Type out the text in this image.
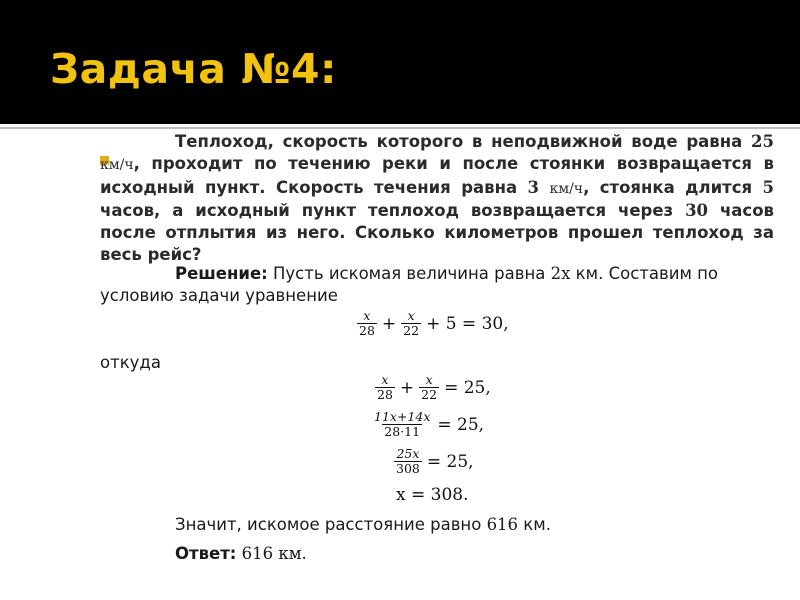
Задача №4:
Теплоход, скорость которого в неподвижной воде равна 25 км/ч, проходит по течению реки и после стоянки возвращается в исходный пункт. Скорость течения равна 3 км/ч, стоянка длится 5 часов, а исходный пункт теплоход возвращается через 30 часов после отплытия из него. Сколько километров прошел теплоход за весь рейс?
Решение: Пусть искомая величина равна 2x км. Составим по условию задачи уравнение
$\frac{x}{28} + \frac{x}{22} + 5 = 30$,
откуда
$\frac{x}{28} + \frac{x}{22} = 25$,
$\frac{11x+14x}{28\cdot 11} = 25$,
$\frac{25x}{308} = 25$,
x = 308.
Значит, искомое расстояние равно 616 км.
Ответ: 616 км.
